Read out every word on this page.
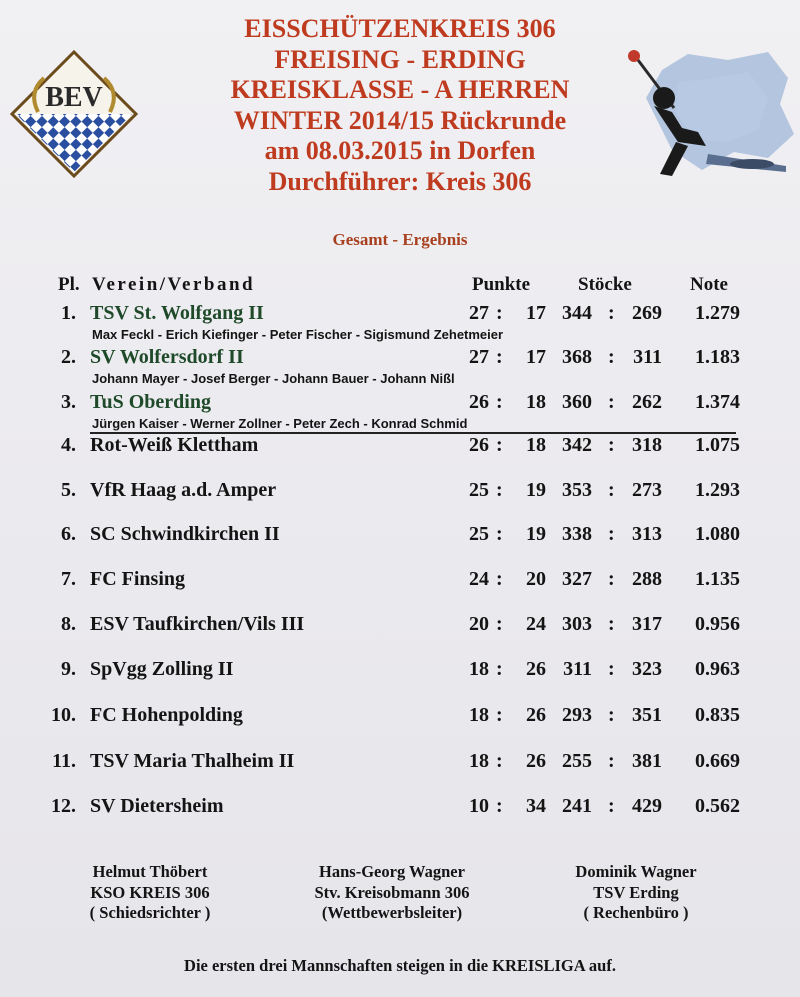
BEV
EISSCHÜTZENKREIS 306
FREISING - ERDING
KREISKLASSE - A HERREN
WINTER 2014/15 Rückrunde
am 08.03.2015 in Dorfen
Durchführer: Kreis 306
Gesamt - Ergebnis
Pl. Verein/Verband	Punkte	Stöcke	Note
1. TSV St. Wolfgang II	27 :	17 344 : 269	1.279
Max Feckl - Erich Kiefinger - Peter Fischer - Sigismund Zehetmeier
2. SV Wolfersdorf II	27 :	17 368 : 311	1.183
Johann Mayer - Josef Berger - Johann Bauer - Johann Nißl
3. TuS Oberding	26 :	18 360 : 262	1.374
Jürgen Kaiser - Werner Zollner - Peter Zech - Konrad Schmid
4. Rot-Weiß Klettham	26 :	18 342 : 318	1.075
5. VfR Haag a.d. Amper	25 :	19 353 : 273	1.293
6. SC Schwindkirchen II	25 :	19 338 : 313	1.080
7. FC Finsing	24 :	20 327 : 288	1.135
8. ESV Taufkirchen/Vils III	20 :	24 303 : 317	0.956
9. SpVgg Zolling II	18 :	26 311 : 323	0.963
10. FC Hohenpolding	18 :	26 293 : 351	0.835
11. TSV Maria Thalheim II	18 :	26 255 : 381	0.669
12. SV Dietersheim	10 :	34 241 : 429	0.562
Helmut Thöbert
KSO KREIS 306
( Schiedsrichter )
Hans-Georg Wagner
Stv. Kreisobmann 306
(Wettbewerbsleiter)
Dominik Wagner
TSV Erding
( Rechenbüro )
Die ersten drei Mannschaften steigen in die KREISLIGA auf.
